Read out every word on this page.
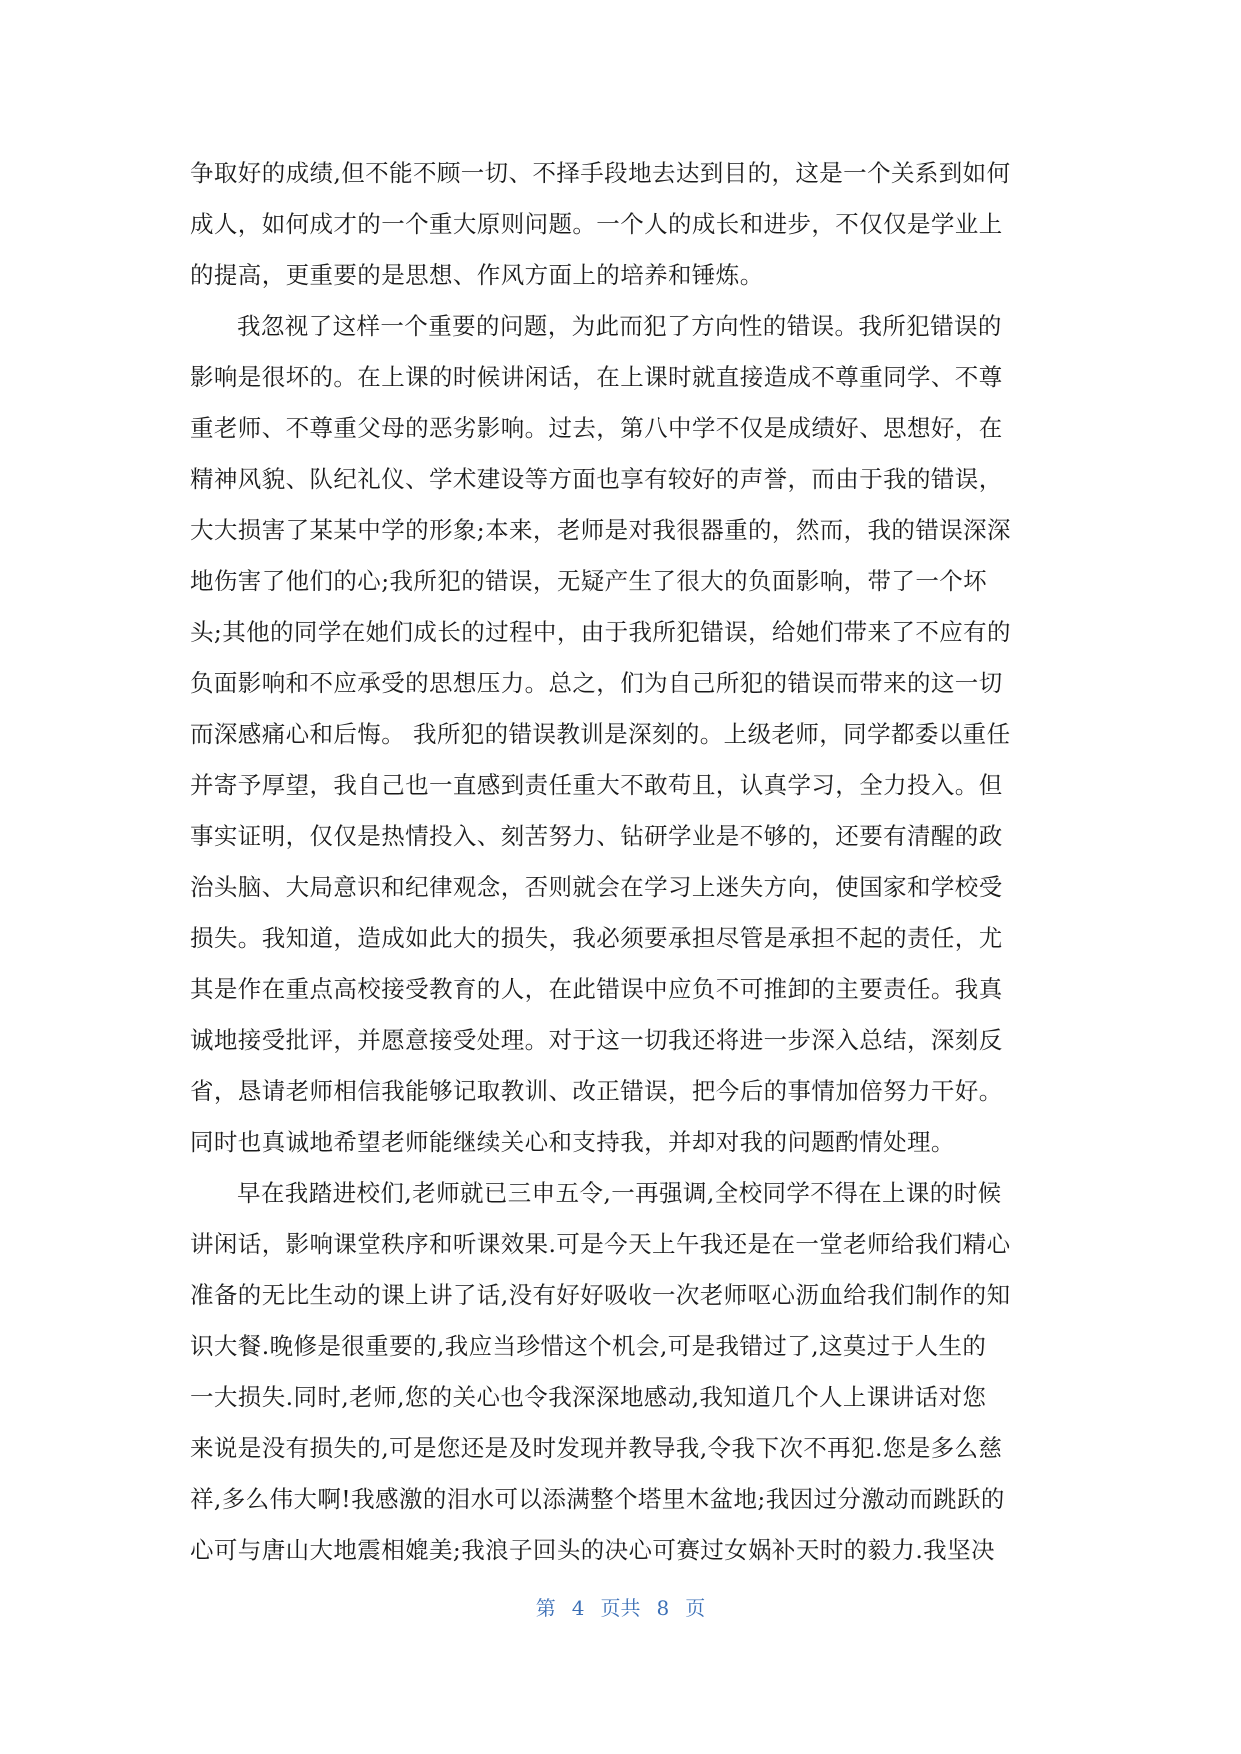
争取好的成绩,但不能不顾一切、不择手段地去达到目的，这是一个关系到如何
成人，如何成才的一个重大原则问题。一个人的成长和进步，不仅仅是学业上
的提高，更重要的是思想、作风方面上的培养和锤炼。
我忽视了这样一个重要的问题，为此而犯了方向性的错误。我所犯错误的
影响是很坏的。在上课的时候讲闲话，在上课时就直接造成不尊重同学、不尊
重老师、不尊重父母的恶劣影响。过去，第八中学不仅是成绩好、思想好，在
精神风貌、队纪礼仪、学术建设等方面也享有较好的声誉，而由于我的错误，
大大损害了某某中学的形象;本来，老师是对我很器重的，然而，我的错误深深
地伤害了他们的心;我所犯的错误，无疑产生了很大的负面影响，带了一个坏
头;其他的同学在她们成长的过程中，由于我所犯错误，给她们带来了不应有的
负面影响和不应承受的思想压力。总之，们为自己所犯的错误而带来的这一切
而深感痛心和后悔。 我所犯的错误教训是深刻的。上级老师，同学都委以重任
并寄予厚望，我自己也一直感到责任重大不敢苟且，认真学习，全力投入。但
事实证明，仅仅是热情投入、刻苦努力、钻研学业是不够的，还要有清醒的政
治头脑、大局意识和纪律观念，否则就会在学习上迷失方向，使国家和学校受
损失。我知道，造成如此大的损失，我必须要承担尽管是承担不起的责任，尤
其是作在重点高校接受教育的人，在此错误中应负不可推卸的主要责任。我真
诚地接受批评，并愿意接受处理。对于这一切我还将进一步深入总结，深刻反
省，恳请老师相信我能够记取教训、改正错误，把今后的事情加倍努力干好。
同时也真诚地希望老师能继续关心和支持我，并却对我的问题酌情处理。
早在我踏进校们,老师就已三申五令,一再强调,全校同学不得在上课的时候
讲闲话，影响课堂秩序和听课效果.可是今天上午我还是在一堂老师给我们精心
准备的无比生动的课上讲了话,没有好好吸收一次老师呕心沥血给我们制作的知
识大餐.晚修是很重要的,我应当珍惜这个机会,可是我错过了,这莫过于人生的
一大损失.同时,老师,您的关心也令我深深地感动,我知道几个人上课讲话对您
来说是没有损失的,可是您还是及时发现并教导我,令我下次不再犯.您是多么慈
祥,多么伟大啊!我感激的泪水可以添满整个塔里木盆地;我因过分激动而跳跃的
心可与唐山大地震相媲美;我浪子回头的决心可赛过女娲补天时的毅力.我坚决
第 4 页共 8 页
